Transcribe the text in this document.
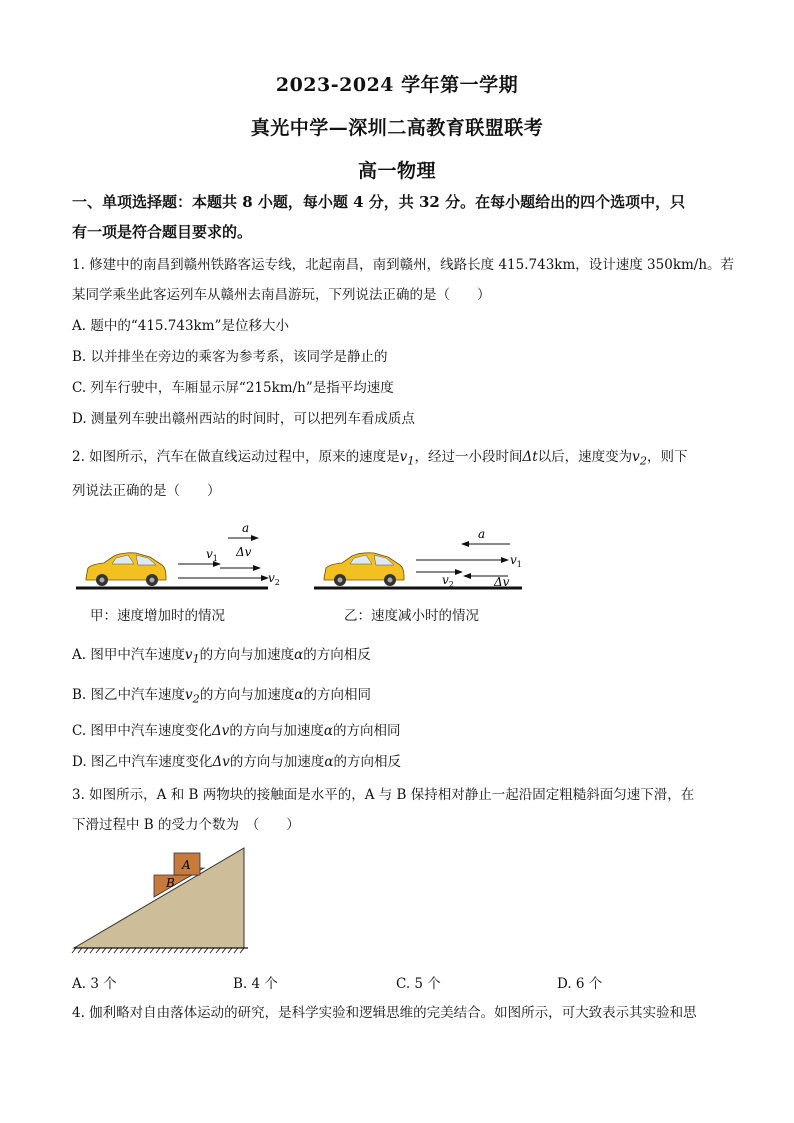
2023-2024 学年第一学期
真光中学—深圳二高教育联盟联考
高一物理
一、单项选择题：本题共 8 小题，每小题 4 分，共 32 分。在每小题给出的四个选项中，只
有一项是符合题目要求的。
1. 修建中的南昌到赣州铁路客运专线，北起南昌，南到赣州，线路长度 415.743km，设计速度 350km/h。若
某同学乘坐此客运列车从赣州去南昌游玩，下列说法正确的是（　　）
A. 题中的“415.743km”是位移大小
B. 以并排坐在旁边的乘客为参考系，该同学是静止的
C. 列车行驶中，车厢显示屏“215km/h”是指平均速度
D. 测量列车驶出赣州西站的时间时，可以把列车看成质点
2. 如图所示，汽车在做直线运动过程中，原来的速度是$v_1$，经过一小段时间Δt以后，速度变为$v_2$，则下
列说法正确的是（　　）
a
$v_1$ Δv
$v_2$
a
$v_1$
$v_2$	Δv
甲：速度增加时的情况	乙：速度减小时的情况
A. 图甲中汽车速度$v_1$的方向与加速度α的方向相反
B. 图乙中汽车速度$v_2$的方向与加速度α的方向相同
C. 图甲中汽车速度变化Δv的方向与加速度α的方向相同
D. 图乙中汽车速度变化Δv的方向与加速度α的方向相反
3. 如图所示，A 和 B 两物块的接触面是水平的，A 与 B 保持相对静止一起沿固定粗糙斜面匀速下滑，在
下滑过程中 B 的受力个数为　（　　）
A
B
A. 3 个	B. 4 个	C. 5 个	D. 6 个
4. 伽利略对自由落体运动的研究，是科学实验和逻辑思维的完美结合。如图所示，可大致表示其实验和思
